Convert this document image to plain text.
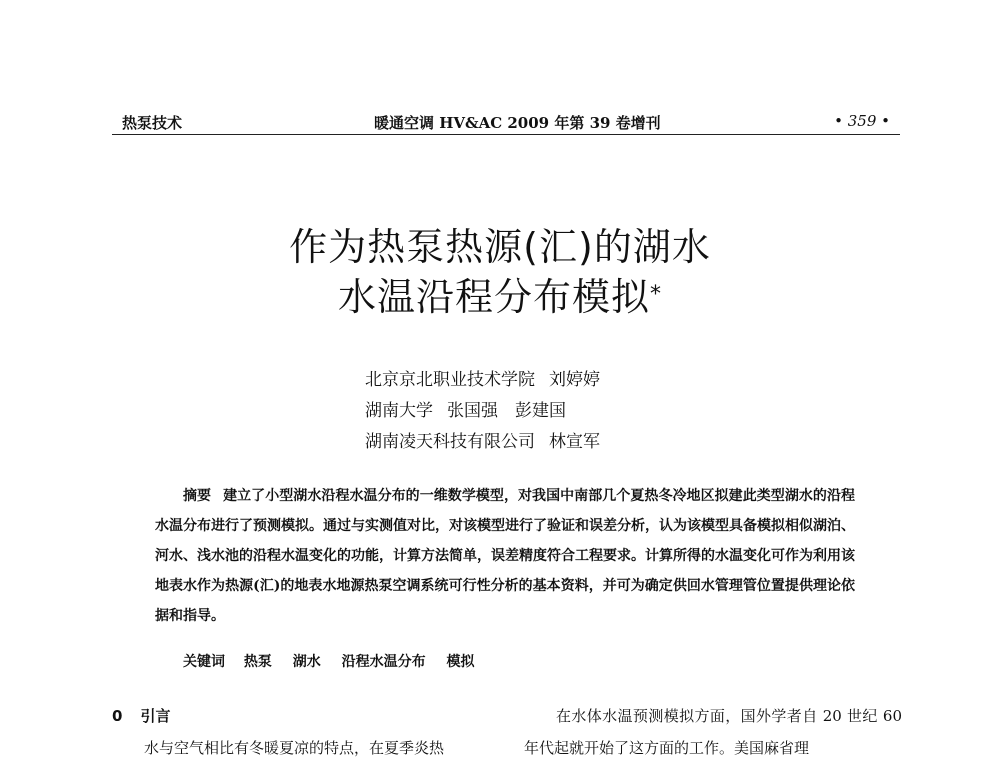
热泵技术	暖通空调 HV&AC 2009 年第 39 卷增刊	• 359 •
作为热泵热源(汇)的湖水
水温沿程分布模拟*
北京京北职业技术学院 刘婷婷
湖南大学 张国强　彭建国
湖南凌天科技有限公司 林宣军
摘要 建立了小型湖水沿程水温分布的一维数学模型，对我国中南部几个夏热冬冷地区拟建此类型湖水的沿程水温分布进行了预测模拟。通过与实测值对比，对该模型进行了验证和误差分析，认为该模型具备模拟相似湖泊、河水、浅水池的沿程水温变化的功能，计算方法简单，误差精度符合工程要求。计算所得的水温变化可作为利用该地表水作为热源(汇)的地表水地源热泵空调系统可行性分析的基本资料，并可为确定供回水管理管位置提供理论依据和指导。
关键词 热泵 湖水 沿程水温分布 模拟
0 引言
水与空气相比有冬暖夏凉的特点，在夏季炎热
在水体水温预测模拟方面，国外学者自 20 世纪 60 年代起就开始了这方面的工作。美国麻省理
